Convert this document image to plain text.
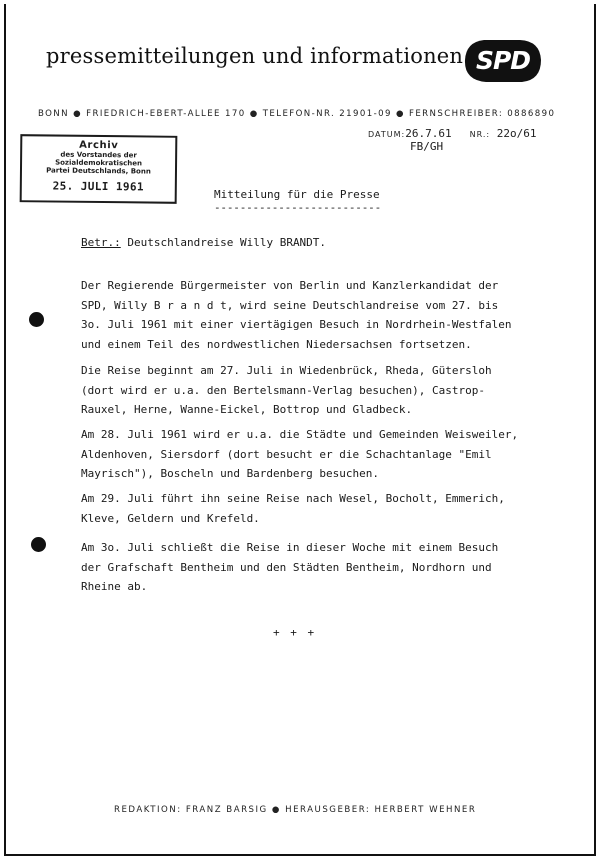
pressemitteilungen und informationen SPD
BONN ● FRIEDRICH-EBERT-ALLEE 170 ● TELEFON-NR. 21901-09 ● FERNSCHREIBER: 0886890
DATUM:26.7.61 NR.: 22o/61
FB/GH
Archiv
des Vorstandes der Sozialdemokratischen
Partei Deutschlands, Bonn
25. JULI 1961
Mitteilung für die Presse
--------------------------
Betr.: Deutschlandreise Willy BRANDT.
Der Regierende Bürgermeister von Berlin und Kanzlerkandidat der
SPD, Willy B r a n d t, wird seine Deutschlandreise vom 27. bis
3o. Juli 1961 mit einer viertägigen Besuch in Nordrhein-Westfalen
und einem Teil des nordwestlichen Niedersachsen fortsetzen.
Die Reise beginnt am 27. Juli in Wiedenbrück, Rheda, Gütersloh
(dort wird er u.a. den Bertelsmann-Verlag besuchen), Castrop-
Rauxel, Herne, Wanne-Eickel, Bottrop und Gladbeck.
Am 28. Juli 1961 wird er u.a. die Städte und Gemeinden Weisweiler,
Aldenhoven, Siersdorf (dort besucht er die Schachtanlage "Emil
Mayrisch"), Boscheln und Bardenberg besuchen.
Am 29. Juli führt ihn seine Reise nach Wesel, Bocholt, Emmerich,
Kleve, Geldern und Krefeld.
Am 3o. Juli schließt die Reise in dieser Woche mit einem Besuch
der Grafschaft Bentheim und den Städten Bentheim, Nordhorn und
Rheine ab.
+ + +
REDAKTION: FRANZ BARSIG ● HERAUSGEBER: HERBERT WEHNER
